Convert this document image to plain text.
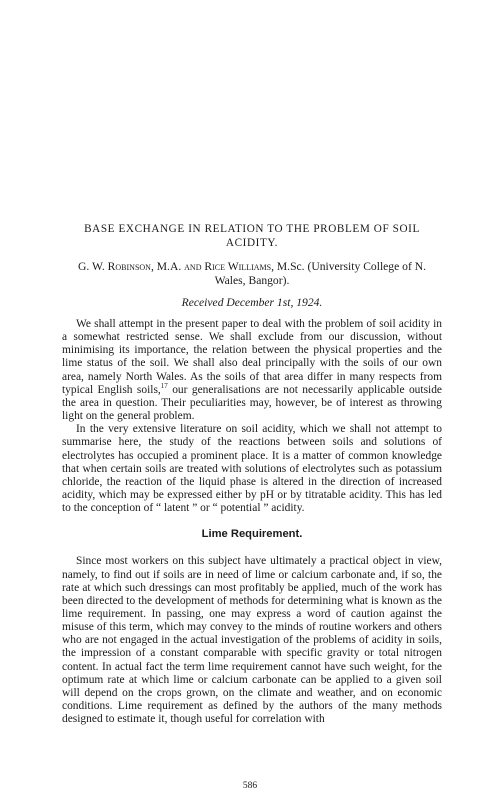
BASE EXCHANGE IN RELATION TO THE PROBLEM OF SOIL
ACIDITY.
G. W. Robinson, M.A. and Rice Williams, M.Sc. (University College of N. Wales, Bangor).
Received December 1st, 1924.

We shall attempt in the present paper to deal with the problem of soil acidity in a somewhat restricted sense. We shall exclude from our discussion, without minimising its importance, the relation between the physical properties and the lime status of the soil. We shall also deal principally with the soils of our own area, namely North Wales. As the soils of that area differ in many respects from typical English soils,$^{17}$ our generalisations are not necessarily applicable outside the area in question. Their peculiarities may, however, be of interest as throwing light on the general problem.

In the very extensive literature on soil acidity, which we shall not attempt to summarise here, the study of the reactions between soils and solutions of electrolytes has occupied a prominent place. It is a matter of common knowledge that when certain soils are treated with solutions of electrolytes such as potassium chloride, the reaction of the liquid phase is altered in the direction of increased acidity, which may be expressed either by pH or by titratable acidity. This has led to the conception of “ latent ” or “ potential ” acidity.

Lime Requirement.

Since most workers on this subject have ultimately a practical object in view, namely, to find out if soils are in need of lime or calcium carbonate and, if so, the rate at which such dressings can most profitably be applied, much of the work has been directed to the development of methods for determining what is known as the lime requirement. In passing, one may express a word of caution against the misuse of this term, which may convey to the minds of routine workers and others who are not engaged in the actual investigation of the problems of acidity in soils, the impression of a constant comparable with specific gravity or total nitrogen content. In actual fact the term lime requirement cannot have such weight, for the optimum rate at which lime or calcium carbonate can be applied to a given soil will depend on the crops grown, on the climate and weather, and on economic conditions. Lime requirement as defined by the authors of the many methods designed to estimate it, though useful for correlation with

586
